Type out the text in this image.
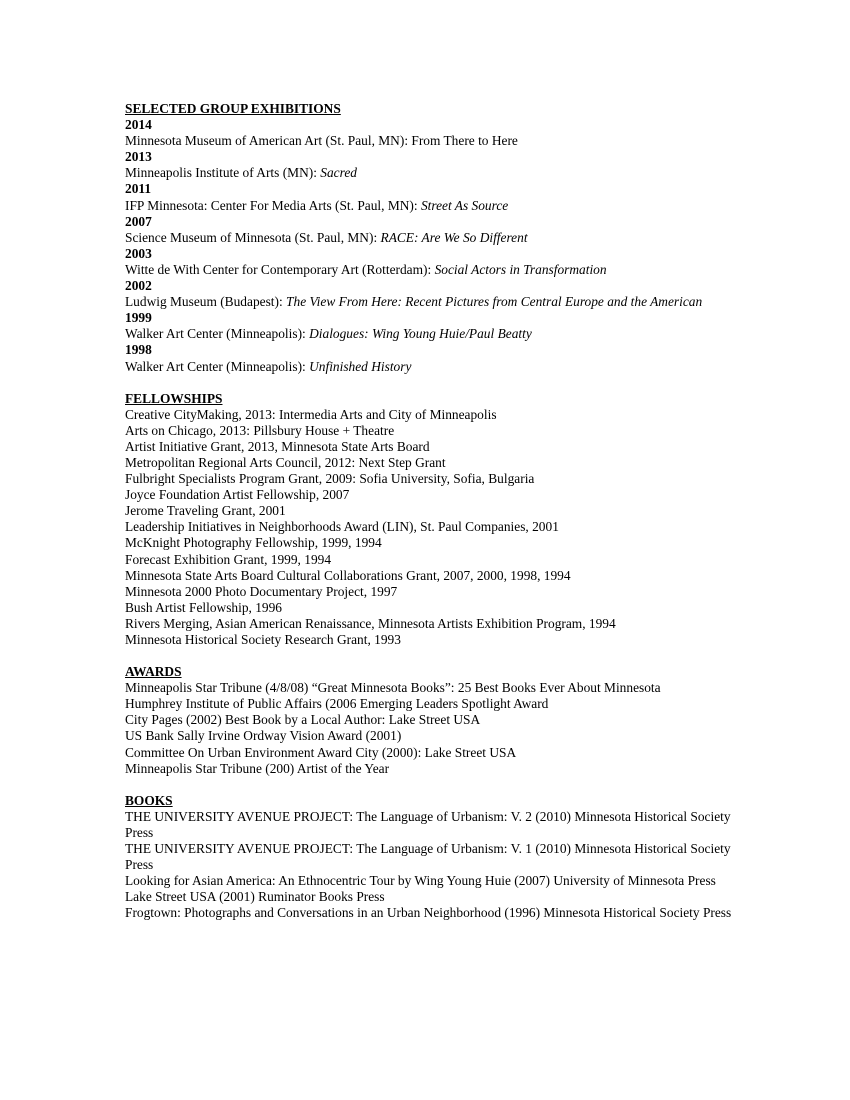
SELECTED GROUP EXHIBITIONS
2014
Minnesota Museum of American Art (St. Paul, MN): From There to Here
2013
Minneapolis Institute of Arts (MN): Sacred
2011
IFP Minnesota: Center For Media Arts (St. Paul, MN): Street As Source
2007
Science Museum of Minnesota (St. Paul, MN): RACE: Are We So Different
2003
Witte de With Center for Contemporary Art (Rotterdam): Social Actors in Transformation
2002
Ludwig Museum (Budapest): The View From Here: Recent Pictures from Central Europe and the American
1999
Walker Art Center (Minneapolis): Dialogues: Wing Young Huie/Paul Beatty
1998
Walker Art Center (Minneapolis): Unfinished History
FELLOWSHIPS
Creative CityMaking, 2013: Intermedia Arts and City of Minneapolis
Arts on Chicago, 2013: Pillsbury House + Theatre
Artist Initiative Grant, 2013, Minnesota State Arts Board
Metropolitan Regional Arts Council, 2012: Next Step Grant
Fulbright Specialists Program Grant, 2009: Sofia University, Sofia, Bulgaria
Joyce Foundation Artist Fellowship, 2007
Jerome Traveling Grant, 2001
Leadership Initiatives in Neighborhoods Award (LIN), St. Paul Companies, 2001
McKnight Photography Fellowship, 1999, 1994
Forecast Exhibition Grant, 1999, 1994
Minnesota State Arts Board Cultural Collaborations Grant, 2007, 2000, 1998, 1994
Minnesota 2000 Photo Documentary Project, 1997
Bush Artist Fellowship, 1996
Rivers Merging, Asian American Renaissance, Minnesota Artists Exhibition Program, 1994
Minnesota Historical Society Research Grant, 1993
AWARDS
Minneapolis Star Tribune (4/8/08) “Great Minnesota Books”: 25 Best Books Ever About Minnesota
Humphrey Institute of Public Affairs (2006 Emerging Leaders Spotlight Award
City Pages (2002) Best Book by a Local Author: Lake Street USA
US Bank Sally Irvine Ordway Vision Award (2001)
Committee On Urban Environment Award City (2000): Lake Street USA
Minneapolis Star Tribune (200) Artist of the Year
BOOKS
THE UNIVERSITY AVENUE PROJECT: The Language of Urbanism: V. 2 (2010) Minnesota Historical Society Press
THE UNIVERSITY AVENUE PROJECT: The Language of Urbanism: V. 1 (2010) Minnesota Historical Society Press
Looking for Asian America: An Ethnocentric Tour by Wing Young Huie (2007) University of Minnesota Press
Lake Street USA (2001) Ruminator Books Press
Frogtown: Photographs and Conversations in an Urban Neighborhood (1996) Minnesota Historical Society Press
